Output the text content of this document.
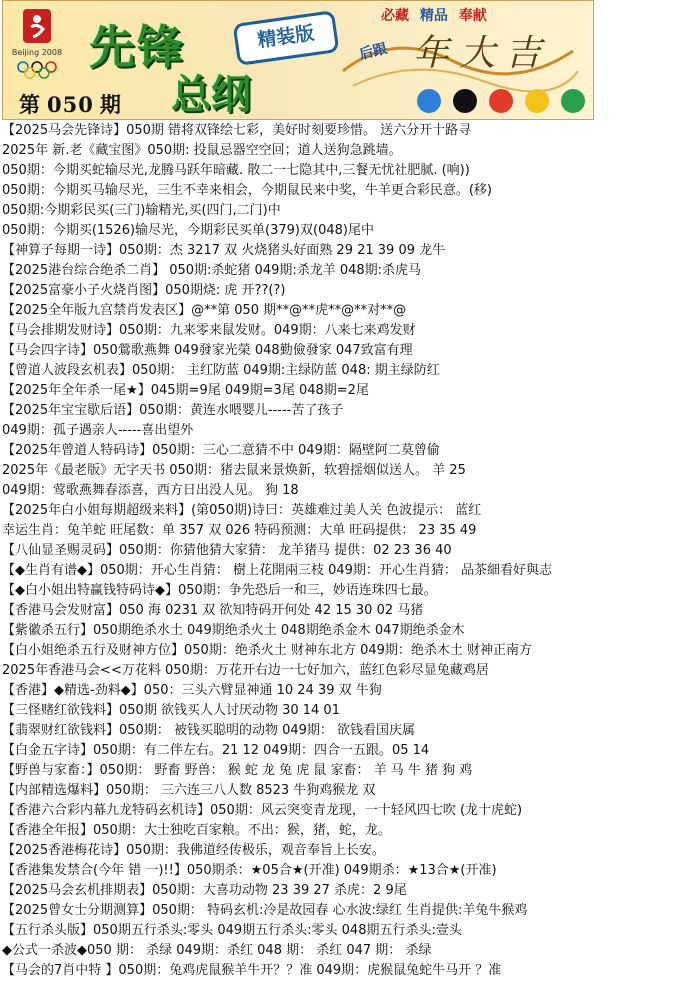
Beijing 2008 先锋	精装版
总纲
必藏 精品 奉献
后跟 年大吉
第 050 期
【2025马会先锋诗】050期 错将双锋绘七彩，美好时刻要珍惜。 送六分开十路寻
2025年 新.老《藏宝图》050期: 投鼠忌器空空回；道人送狗急跳墙。
050期：今期买蛇输尽光,龙腾马跃年暗藏. 散二一七隐其中,三餐无忧社肥腻. (响))
050期：今期买马输尽光，三生不幸来相会，今期鼠民来中奖，牛羊更合彩民意。(移)
050期:今期彩民买(三门)输精光,买(四门,二门)中
050期：今期买(1526)输尽光，今期彩民买单(379)双(048)尾中
【神算子每期一诗】050期：杰 3217 双 火烧猪头好面熟 29 21 39 09 龙牛
【2025港台综合绝杀二肖】 050期:杀蛇猪 049期:杀龙羊 048期:杀虎马
【2025富豪小子火烧肖图】050期烧: 虎 开??(?)
【2025全年版九宫禁肖发表区】@**第 050 期**@**虎**@**对**@
【马会排期发财诗】050期：九来零来鼠发财。049期：八来七来鸡发财
【马会四字诗】050鶯歌燕舞 049發家光榮 048勤儉發家 047致富有理
【曾道人波段玄机表】050期： 主红防蓝 049期:主绿防蓝 048: 期主绿防红
【2025年全年杀一尾★】045期=9尾 049期=3尾 048期=2尾
【2025年宝宝歇后语】050期：黄连水喂婴儿-----苦了孩子
049期：孤子遇亲人-----喜出望外
【2025年曾道人特码诗】050期：三心二意猜不中 049期：隔壁阿二莫曾偷
2025年《最老版》无字天书 050期：猪去鼠来景焕新，软碧揺烟似送人。 羊 25
049期：莺歌燕舞春添喜，西方日出没人见。 狗 18
【2025年白小姐每期超级来料】(第050期)诗曰：英雄难过美人关 色波提示： 蓝红
幸运生肖：兔羊蛇 旺尾数：单 357 双 026 特码预测：大单 旺码提供： 23 35 49
【八仙显圣赐灵码】050期：你猜他猜大家猜： 龙羊猪马 提供：02 23 36 40
【◆生肖有谱◆】050期：开心生肖猜： 樹上花開兩三枝 049期：开心生肖猜： 品茶細看好與志
【◆白小姐出特赢钱特码诗◆】050期：争先恐后一和三，妙语连珠四七最。
【香港马会发财富】050 海 0231 双 欲知特码开何处 42 15 30 02 马猪
【紫徽杀五行】050期绝杀水土 049期绝杀火土 048期绝杀金木 047期绝杀金木
【白小姐绝杀五行及财神方位】050期：绝杀火土 财神东北方 049期：绝杀木土 财神正南方
2025年香港马会<<万花料 050期：万花开右边一七好加六，蓝红色彩尽显兔藏鸡居
【香港】◆精选-劲料◆】050：三头六臂显神通 10 24 39 双 牛狗
【三怪赌红欲钱料】050期 欲钱买人人讨厌动物 30 14 01
【翡翠财红欲钱料】050期： 被钱买聪明的动物 049期： 欲钱看国庆属
【白金五字诗】050期：有二伴左右。21 12 049期：四合一五跟。05 14
【野兽与家畜：】050期： 野畜 野兽： 猴 蛇 龙 兔 虎 鼠 家畜： 羊 马 牛 猪 狗 鸡
【内部精选爆料】050期： 三六连三八人数 8523 牛狗鸡猴龙 双
【香港六合彩内幕九龙特码玄机诗】050期：风云突变青龙现，一十轻风四七吹 (龙十虎蛇)
【香港全年报】050期：大士独吃百家粮。不出：猴，猪，蛇，龙。
【2025香港梅花诗】050期：我佛道经传极乐，观音奉旨上长安。
【香港集发禁合(今年 错 一)!!】050期杀：★05合★(开准) 049期杀：★13合★(开准)
【2025马会玄机排期表】050期：大喜功动物 23 39 27 杀虎：2 9尾
【2025曾女士分期测算】050期： 特码玄机:冷是故园春 心水波:绿红 生肖提供:羊兔牛猴鸡
【五行杀头版】050期五行杀头:零头 049期五行杀头:零头 048期五行杀头:壹头
◆公式一杀波◆050 期： 杀绿 049期：杀红 048 期： 杀红 047 期： 杀绿
【马会的7肖中特 】050期：兔鸡虎鼠猴羊牛开？？准 049期：虎猴鼠兔蛇牛马开 ？准
